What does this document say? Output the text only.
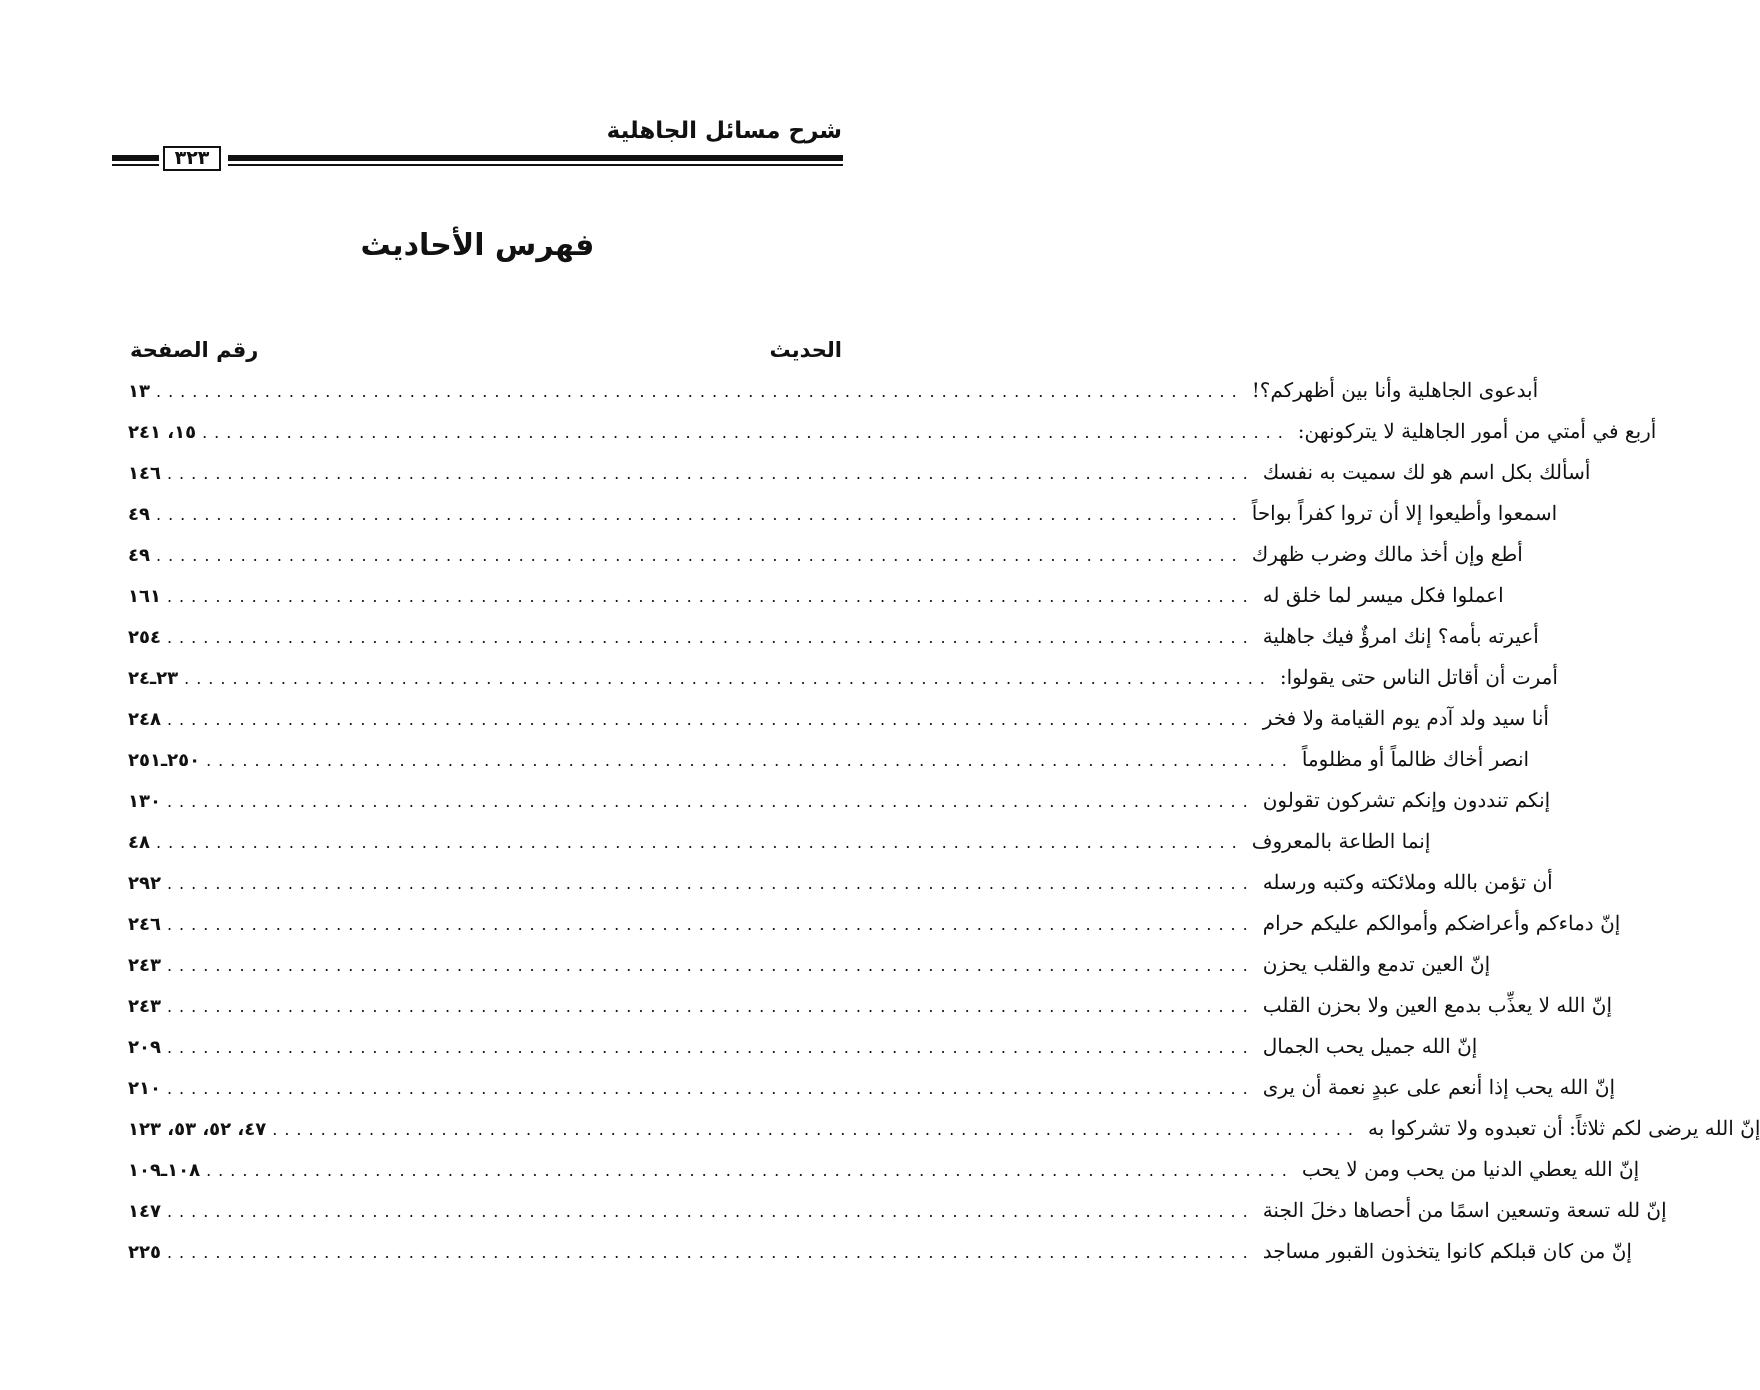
شرح مسائل الجاهلية
٣٢٣
فهرس الأحاديث
الحديث
رقم الصفحة
١٣ .......................................................................................... أبدعوى الجاهلية وأنا بين أظهركم؟!
١٥، ٢٤١ .......................................................................................... أربع في أمتي من أمور الجاهلية لا يتركونهن:
١٤٦ .......................................................................................... أسألك بكل اسم هو لك سميت به نفسك
٤٩ .......................................................................................... اسمعوا وأطيعوا إلا أن تروا كفراً بواحاً
٤٩ .......................................................................................... أطع وإن أخذ مالك وضرب ظهرك
١٦١ .......................................................................................... اعملوا فكل ميسر لما خلق له
٢٥٤ .......................................................................................... أعيرته بأمه؟ إنك امرؤٌ فيك جاهلية
٢٣ـ٢٤ .......................................................................................... أمرت أن أقاتل الناس حتى يقولوا:
٢٤٨ .......................................................................................... أنا سيد ولد آدم يوم القيامة ولا فخر
٢٥٠ـ٢٥١ .......................................................................................... انصر أخاك ظالماً أو مظلوماً
١٣٠ .......................................................................................... إنكم تنددون وإنكم تشركون تقولون
٤٨ .......................................................................................... إنما الطاعة بالمعروف
٢٩٢ .......................................................................................... أن تؤمن بالله وملائكته وكتبه ورسله
٢٤٦ .......................................................................................... إنّ دماءكم وأعراضكم وأموالكم عليكم حرام
٢٤٣ .......................................................................................... إنّ العين تدمع والقلب يحزن
٢٤٣ .......................................................................................... إنّ الله لا يعذِّب بدمع العين ولا بحزن القلب
٢٠٩ .......................................................................................... إنّ الله جميل يحب الجمال
٢١٠ .......................................................................................... إنّ الله يحب إذا أنعم على عبدٍ نعمة أن يرى
٤٧، ٥٢، ٥٣، ١٢٣ .......................................................................................... إنّ الله يرضى لكم ثلاثاً: أن تعبدوه ولا تشركوا به
١٠٨ـ١٠٩ .......................................................................................... إنّ الله يعطي الدنيا من يحب ومن لا يحب
١٤٧ .......................................................................................... إنّ لله تسعة وتسعين اسمًا من أحصاها دخلَ الجنة
٢٢٥ .......................................................................................... إنّ من كان قبلكم كانوا يتخذون القبور مساجد
